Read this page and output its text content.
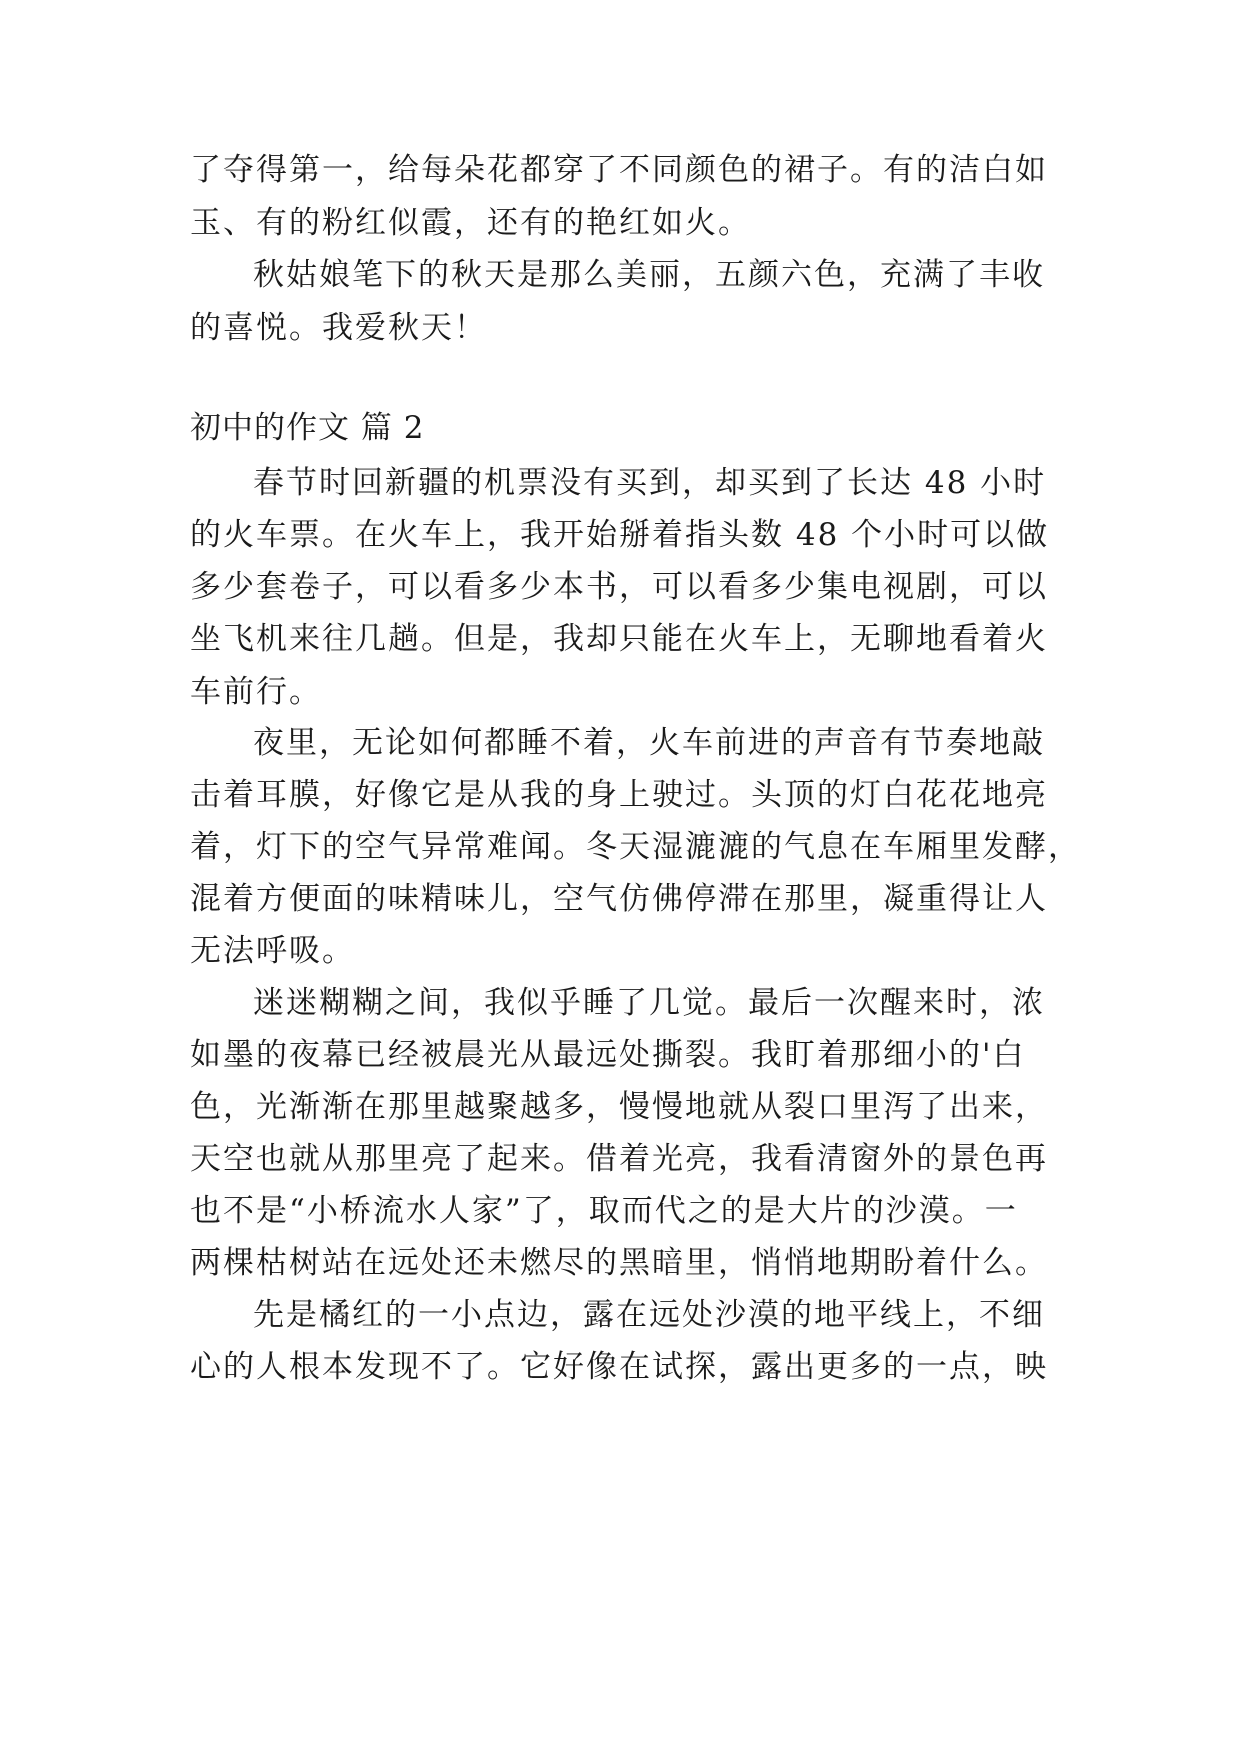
了夺得第一，给每朵花都穿了不同颜色的裙子。有的洁白如
玉、有的粉红似霞，还有的艳红如火。
秋姑娘笔下的秋天是那么美丽，五颜六色，充满了丰收
的喜悦。我爱秋天！
初中的作文 篇 2
春节时回新疆的机票没有买到，却买到了长达 48 小时
的火车票。在火车上，我开始掰着指头数 48 个小时可以做
多少套卷子，可以看多少本书，可以看多少集电视剧，可以
坐飞机来往几趟。但是，我却只能在火车上，无聊地看着火
车前行。
夜里，无论如何都睡不着，火车前进的声音有节奏地敲
击着耳膜，好像它是从我的身上驶过。头顶的灯白花花地亮
着，灯下的空气异常难闻。冬天湿漉漉的气息在车厢里发酵，
混着方便面的味精味儿，空气仿佛停滞在那里，凝重得让人
无法呼吸。
迷迷糊糊之间，我似乎睡了几觉。最后一次醒来时，浓
如墨的夜幕已经被晨光从最远处撕裂。我盯着那细小的'白
色，光渐渐在那里越聚越多，慢慢地就从裂口里泻了出来，
天空也就从那里亮了起来。借着光亮，我看清窗外的景色再
也不是“小桥流水人家”了，取而代之的是大片的沙漠。一
两棵枯树站在远处还未燃尽的黑暗里，悄悄地期盼着什么。
先是橘红的一小点边，露在远处沙漠的地平线上，不细
心的人根本发现不了。它好像在试探，露出更多的一点，映
